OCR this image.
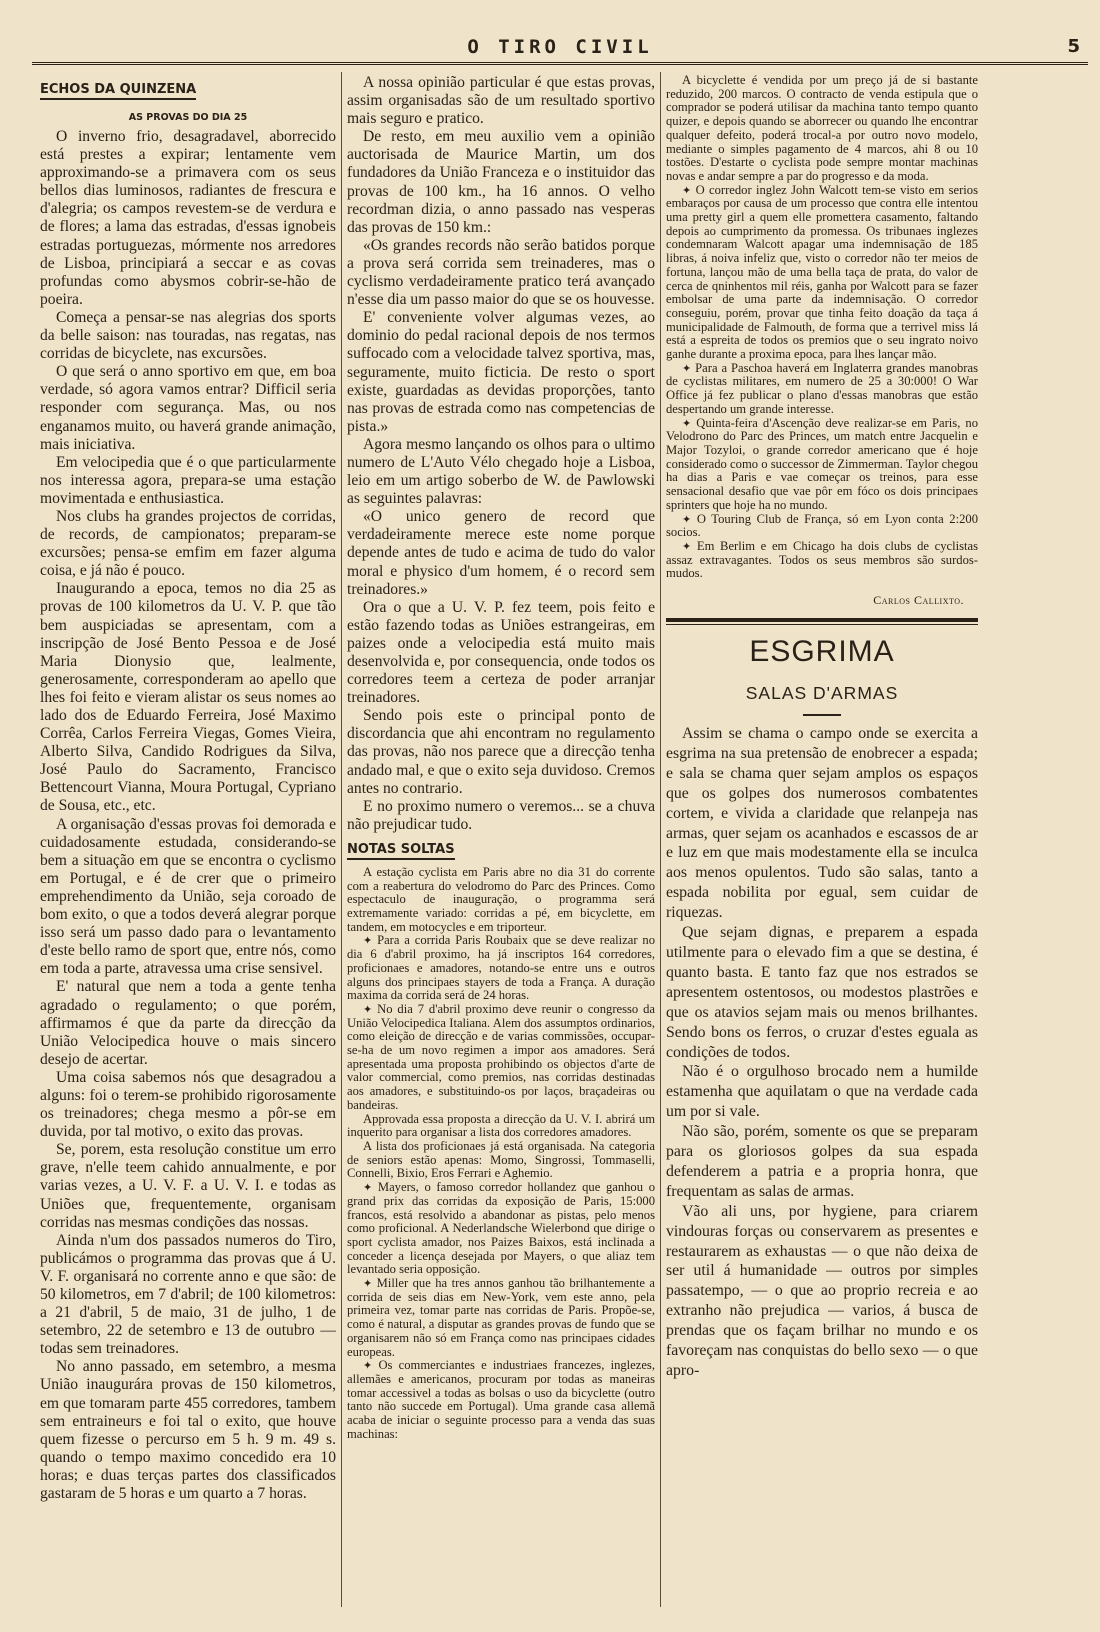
O TIRO CIVIL	5
ECHOS DA QUINZENA
AS PROVAS DO DIA 25

O inverno frio, desagradavel, aborrecido está prestes a expirar; lentamente vem approximando-se a primavera com os seus bellos dias luminosos, radiantes de frescura e d'alegria; os campos revestem-se de verdura e de flores; a lama das estradas, d'essas ignobeis estradas portuguezas, mórmente nos arredores de Lisboa, principiará a seccar e as covas profundas como abysmos cobrir-se-hão de poeira.

Começa a pensar-se nas alegrias dos sports da belle saison: nas touradas, nas regatas, nas corridas de bicyclete, nas excursões.

O que será o anno sportivo em que, em boa verdade, só agora vamos entrar? Difficil seria responder com segurança. Mas, ou nos enganamos muito, ou haverá grande animação, mais iniciativa.

Em velocipedia que é o que particularmente nos interessa agora, prepara-se uma estação movimentada e enthusiastica.

Nos clubs ha grandes projectos de corridas, de records, de campionatos; preparam-se excursões; pensa-se emfim em fazer alguma coisa, e já não é pouco.

Inaugurando a epoca, temos no dia 25 as provas de 100 kilometros da U. V. P. que tão bem auspiciadas se apresentam, com a inscripção de José Bento Pessoa e de José Maria Dionysio que, lealmente, generosamente, corresponderam ao apello que lhes foi feito e vieram alistar os seus nomes ao lado dos de Eduardo Ferreira, José Maximo Corrêa, Carlos Ferreira Viegas, Gomes Vieira, Alberto Silva, Candido Rodrigues da Silva, José Paulo do Sacramento, Francisco Bettencourt Vianna, Moura Portugal, Cypriano de Sousa, etc., etc.

A organisação d'essas provas foi demorada e cuidadosamente estudada, considerando-se bem a situação em que se encontra o cyclismo em Portugal, e é de crer que o primeiro emprehendimento da União, seja coroado de bom exito, o que a todos deverá alegrar porque isso será um passo dado para o levantamento d'este bello ramo de sport que, entre nós, como em toda a parte, atravessa uma crise sensivel.

E' natural que nem a toda a gente tenha agradado o regulamento; o que porém, affirmamos é que da parte da direcção da União Velocipedica houve o mais sincero desejo de acertar.

Uma coisa sabemos nós que desagradou a alguns: foi o terem-se prohibido rigorosamente os treinadores; chega mesmo a pôr-se em duvida, por tal motivo, o exito das provas.

Se, porem, esta resolução constitue um erro grave, n'elle teem cahido annualmente, e por varias vezes, a U. V. F. a U. V. I. e todas as Uniões que, frequentemente, organisam corridas nas mesmas condições das nossas.

Ainda n'um dos passados numeros do Tiro, publicámos o programma das provas que á U. V. F. organisará no corrente anno e que são: de 50 kilometros, em 7 d'abril; de 100 kilometros: a 21 d'abril, 5 de maio, 31 de julho, 1 de setembro, 22 de setembro e 13 de outubro — todas sem treinadores.

No anno passado, em setembro, a mesma União inaugurára provas de 150 kilometros, em que tomaram parte 455 corredores, tambem sem entraineurs e foi tal o exito, que houve quem fizesse o percurso em 5 h. 9 m. 49 s. quando o tempo maximo concedido era 10 horas; e duas terças partes dos classificados gastaram de 5 horas e um quarto a 7 horas.

A nossa opinião particular é que estas provas, assim organisadas são de um resultado sportivo mais seguro e pratico.

De resto, em meu auxilio vem a opinião auctorisada de Maurice Martin, um dos fundadores da União Franceza e o instituidor das provas de 100 km., ha 16 annos. O velho recordman dizia, o anno passado nas vesperas das provas de 150 km.:

«Os grandes records não serão batidos porque a prova será corrida sem treinaderes, mas o cyclismo verdadeiramente pratico terá avançado n'esse dia um passo maior do que se os houvesse.

E' conveniente volver algumas vezes, ao dominio do pedal racional depois de nos termos suffocado com a velocidade talvez sportiva, mas, seguramente, muito ficticia. De resto o sport existe, guardadas as devidas proporções, tanto nas provas de estrada como nas competencias de pista.»

Agora mesmo lançando os olhos para o ultimo numero de L'Auto Vélo chegado hoje a Lisboa, leio em um artigo soberbo de W. de Pawlowski as seguintes palavras:

«O unico genero de record que verdadeiramente merece este nome porque depende antes de tudo e acima de tudo do valor moral e physico d'um homem, é o record sem treinadores.»

Ora o que a U. V. P. fez teem, pois feito e estão fazendo todas as Uniões estrangeiras, em paizes onde a velocipedia está muito mais desenvolvida e, por consequencia, onde todos os corredores teem a certeza de poder arranjar treinadores.

Sendo pois este o principal ponto de discordancia que ahi encontram no regulamento das provas, não nos parece que a direcção tenha andado mal, e que o exito seja duvidoso. Cremos antes no contrario.

E no proximo numero o veremos... se a chuva não prejudicar tudo.

NOTAS SOLTAS

A estação cyclista em Paris abre no dia 31 do corrente com a reabertura do velodromo do Parc des Princes. Como espectaculo de inauguração, o programma será extremamente variado: corridas a pé, em bicyclette, em tandem, em motocycles e em triporteur.

✦ Para a corrida Paris Roubaix que se deve realizar no dia 6 d'abril proximo, ha já inscriptos 164 corredores, proficionaes e amadores, notando-se entre uns e outros alguns dos principaes stayers de toda a França. A duração maxima da corrida será de 24 horas.

✦ No dia 7 d'abril proximo deve reunir o congresso da União Velocipedica Italiana. Alem dos assumptos ordinarios, como eleição de direcção e de varias commissões, occupar-se-ha de um novo regimen a impor aos amadores. Será apresentada uma proposta prohibindo os objectos d'arte de valor commercial, como premios, nas corridas destinadas aos amadores, e substituindo-os por laços, braçadeiras ou bandeiras.

Approvada essa proposta a direcção da U. V. I. abrirá um inquerito para organisar a lista dos corredores amadores.

A lista dos proficionaes já está organisada. Na categoria de seniors estão apenas: Momo, Singrossi, Tommaselli, Connelli, Bixio, Eros Ferrari e Aghemio.

✦ Mayers, o famoso corredor hollandez que ganhou o grand prix das corridas da exposição de Paris, 15:000 francos, está resolvido a abandonar as pistas, pelo menos como proficional. A Nederlandsche Wielerbond que dirige o sport cyclista amador, nos Paizes Baixos, está inclinada a conceder a licença desejada por Mayers, o que aliaz tem levantado seria opposição.

✦ Miller que ha tres annos ganhou tão brilhantemente a corrida de seis dias em New-York, vem este anno, pela primeira vez, tomar parte nas corridas de Paris. Propõe-se, como é natural, a disputar as grandes provas de fundo que se organisarem não só em França como nas principaes cidades europeas.

✦ Os commerciantes e industriaes francezes, inglezes, allemães e americanos, procuram por todas as maneiras tomar accessivel a todas as bolsas o uso da bicyclette (outro tanto não succede em Portugal). Uma grande casa allemã acaba de iniciar o seguinte processo para a venda das suas machinas:

A bicyclette é vendida por um preço já de si bastante reduzido, 200 marcos. O contracto de venda estipula que o comprador se poderá utilisar da machina tanto tempo quanto quizer, e depois quando se aborrecer ou quando lhe encontrar qualquer defeito, poderá trocal-a por outro novo modelo, mediante o simples pagamento de 4 marcos, ahi 8 ou 10 tostões. D'estarte o cyclista pode sempre montar machinas novas e andar sempre a par do progresso e da moda.

✦ O corredor inglez John Walcott tem-se visto em serios embaraços por causa de um processo que contra elle intentou uma pretty girl a quem elle promettera casamento, faltando depois ao cumprimento da promessa. Os tribunaes inglezes condemnaram Walcott apagar uma indemnisação de 185 libras, á noiva infeliz que, visto o corredor não ter meios de fortuna, lançou mão de uma bella taça de prata, do valor de cerca de qninhentos mil réis, ganha por Walcott para se fazer embolsar de uma parte da indemnisação. O corredor conseguiu, porém, provar que tinha feito doação da taça á municipalidade de Falmouth, de forma que a terrivel miss lá está a espreita de todos os premios que o seu ingrato noivo ganhe durante a proxima epoca, para lhes lançar mão.

✦ Para a Paschoa haverá em Inglaterra grandes manobras de cyclistas militares, em numero de 25 a 30:000! O War Office já fez publicar o plano d'essas manobras que estão despertando um grande interesse.

✦ Quinta-feira d'Ascenção deve realizar-se em Paris, no Velodrono do Parc des Princes, um match entre Jacquelin e Major Tozyloi, o grande corredor americano que é hoje considerado como o successor de Zimmerman. Taylor chegou ha dias a Paris e vae começar os treinos, para esse sensacional desafio que vae pôr em fóco os dois principaes sprinters que hoje ha no mundo.

✦ O Touring Club de França, só em Lyon conta 2:200 socios.

✦ Em Berlim e em Chicago ha dois clubs de cyclistas assaz extravagantes. Todos os seus membros são surdos-mudos.

Carlos Callixto.
ESGRIMA
SALAS D'ARMAS

Assim se chama o campo onde se exercita a esgrima na sua pretensão de enobrecer a espada; e sala se chama quer sejam amplos os espaços que os golpes dos numerosos combatentes cortem, e vivida a claridade que relanpeja nas armas, quer sejam os acanhados e escassos de ar e luz em que mais modestamente ella se inculca aos menos opulentos. Tudo são salas, tanto a espada nobilita por egual, sem cuidar de riquezas.

Que sejam dignas, e preparem a espada utilmente para o elevado fim a que se destina, é quanto basta. E tanto faz que nos estrados se apresentem ostentosos, ou modestos plastrões e que os atavios sejam mais ou menos brilhantes. Sendo bons os ferros, o cruzar d'estes eguala as condições de todos.

Não é o orgulhoso brocado nem a humilde estamenha que aquilatam o que na verdade cada um por si vale.

Não são, porém, somente os que se preparam para os gloriosos golpes da sua espada defenderem a patria e a propria honra, que frequentam as salas de armas.

Vão ali uns, por hygiene, para criarem vindouras forças ou conservarem as presentes e restaurarem as exhaustas — o que não deixa de ser util á humanidade — outros por simples passatempo, — o que ao proprio recreia e ao extranho não prejudica — varios, á busca de prendas que os façam brilhar no mundo e os favoreçam nas conquistas do bello sexo — o que apro-
